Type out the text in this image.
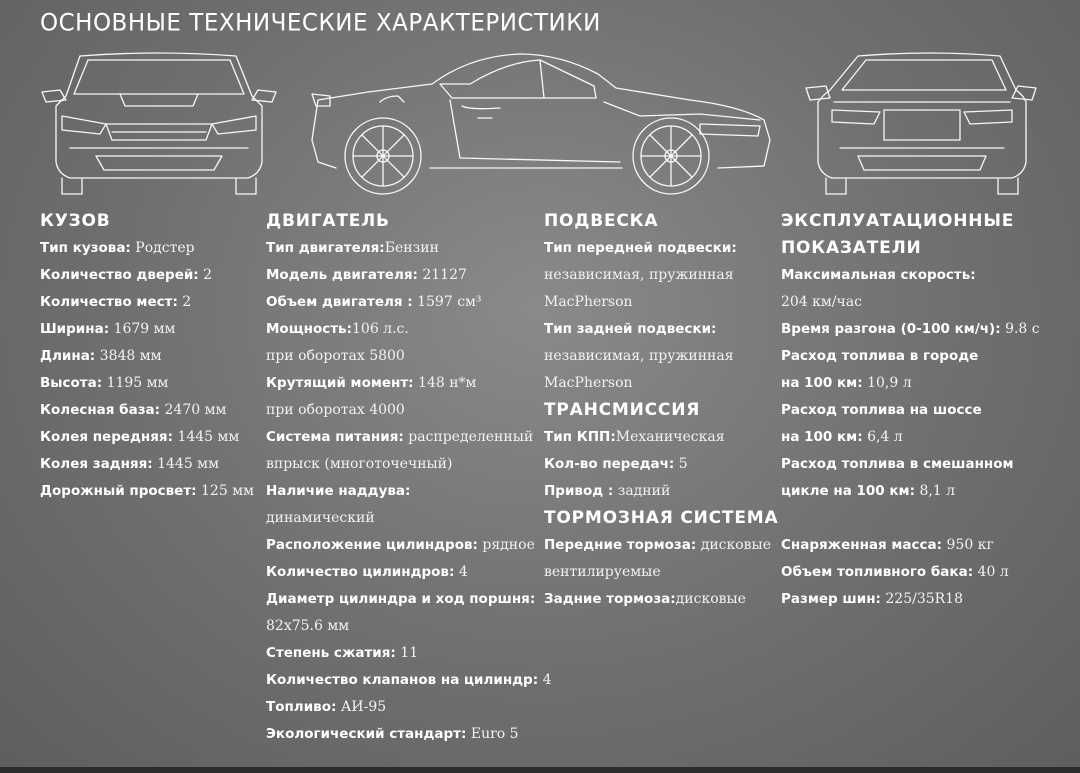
ОСНОВНЫЕ ТЕХНИЧЕСКИЕ ХАРАКТЕРИСТИКИ
КУЗОВ
Тип кузова: Родстер
Количество дверей: 2
Количество мест: 2
Ширина: 1679 мм
Длина: 3848 мм
Высота: 1195 мм
Колесная база: 2470 мм
Колея передняя: 1445 мм
Колея задняя: 1445 мм
Дорожный просвет: 125 мм
ДВИГАТЕЛЬ
Тип двигателя:Бензин
Модель двигателя: 21127
Объем двигателя : 1597 см³
Мощность:106 л.с.
при оборотах 5800
Крутящий момент: 148 н*м
при оборотах 4000
Система питания: распределенный
впрыск (многоточечный)
Наличие наддува:
динамический
Расположение цилиндров: рядное
Количество цилиндров: 4
Диаметр цилиндра и ход поршня:
82x75.6 мм
Степень сжатия: 11
Количество клапанов на цилиндр: 4
Топливо: АИ-95
Экологический стандарт: Euro 5
ПОДВЕСКА
Тип передней подвески:
независимая, пружинная
MacPherson
Тип задней подвески:
независимая, пружинная
MacPherson
ТРАНСМИССИЯ
Тип КПП:Механическая
Кол-во передач: 5
Привод : задний
ТОРМОЗНАЯ СИСТЕМА
Передние тормоза: дисковые
вентилируемые
Задние тормоза:дисковые
ЭКСПЛУАТАЦИОННЫЕ
ПОКАЗАТЕЛИ
Максимальная скорость:
204 км/час
Время разгона (0-100 км/ч): 9.8 с
Расход топлива в городе
на 100 км: 10,9 л
Расход топлива на шоссе
на 100 км: 6,4 л
Расход топлива в смешанном
цикле на 100 км: 8,1 л
Снаряженная масса: 950 кг
Объем топливного бака: 40 л
Размер шин: 225/35R18
